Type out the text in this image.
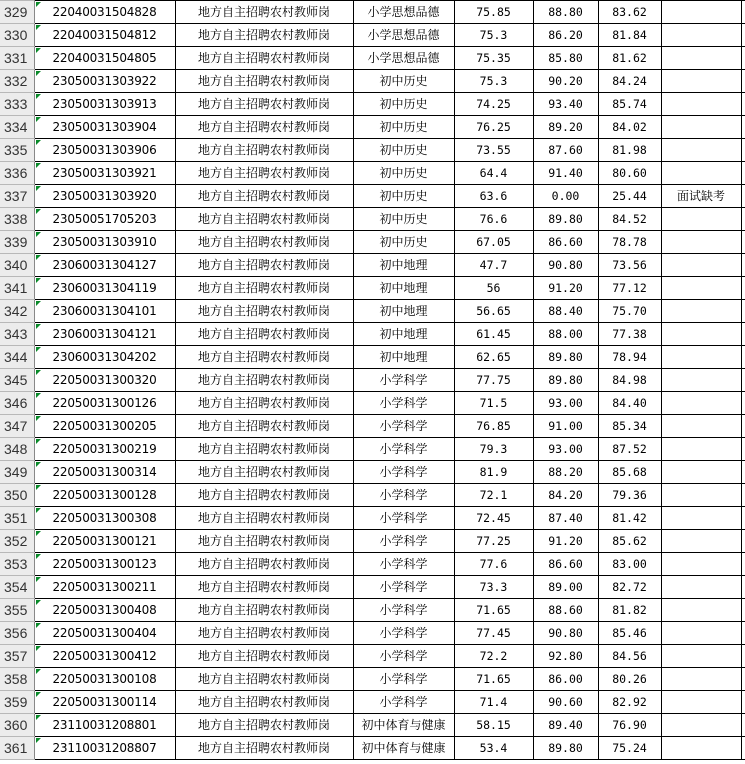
329	22040031504828	地方自主招聘农村教师岗	小学思想品德	75.85	88.80	83.62		
330	22040031504812	地方自主招聘农村教师岗	小学思想品德	75.3	86.20	81.84		
331	22040031504805	地方自主招聘农村教师岗	小学思想品德	75.35	85.80	81.62		
332	23050031303922	地方自主招聘农村教师岗	初中历史	75.3	90.20	84.24		
333	23050031303913	地方自主招聘农村教师岗	初中历史	74.25	93.40	85.74		
334	23050031303904	地方自主招聘农村教师岗	初中历史	76.25	89.20	84.02		
335	23050031303906	地方自主招聘农村教师岗	初中历史	73.55	87.60	81.98		
336	23050031303921	地方自主招聘农村教师岗	初中历史	64.4	91.40	80.60		
337	23050031303920	地方自主招聘农村教师岗	初中历史	63.6	0.00	25.44	面试缺考	
338	23050051705203	地方自主招聘农村教师岗	初中历史	76.6	89.80	84.52		
339	23050031303910	地方自主招聘农村教师岗	初中历史	67.05	86.60	78.78		
340	23060031304127	地方自主招聘农村教师岗	初中地理	47.7	90.80	73.56		
341	23060031304119	地方自主招聘农村教师岗	初中地理	56	91.20	77.12		
342	23060031304101	地方自主招聘农村教师岗	初中地理	56.65	88.40	75.70		
343	23060031304121	地方自主招聘农村教师岗	初中地理	61.45	88.00	77.38		
344	23060031304202	地方自主招聘农村教师岗	初中地理	62.65	89.80	78.94		
345	22050031300320	地方自主招聘农村教师岗	小学科学	77.75	89.80	84.98		
346	22050031300126	地方自主招聘农村教师岗	小学科学	71.5	93.00	84.40		
347	22050031300205	地方自主招聘农村教师岗	小学科学	76.85	91.00	85.34		
348	22050031300219	地方自主招聘农村教师岗	小学科学	79.3	93.00	87.52		
349	22050031300314	地方自主招聘农村教师岗	小学科学	81.9	88.20	85.68		
350	22050031300128	地方自主招聘农村教师岗	小学科学	72.1	84.20	79.36		
351	22050031300308	地方自主招聘农村教师岗	小学科学	72.45	87.40	81.42		
352	22050031300121	地方自主招聘农村教师岗	小学科学	77.25	91.20	85.62		
353	22050031300123	地方自主招聘农村教师岗	小学科学	77.6	86.60	83.00		
354	22050031300211	地方自主招聘农村教师岗	小学科学	73.3	89.00	82.72		
355	22050031300408	地方自主招聘农村教师岗	小学科学	71.65	88.60	81.82		
356	22050031300404	地方自主招聘农村教师岗	小学科学	77.45	90.80	85.46		
357	22050031300412	地方自主招聘农村教师岗	小学科学	72.2	92.80	84.56		
358	22050031300108	地方自主招聘农村教师岗	小学科学	71.65	86.00	80.26		
359	22050031300114	地方自主招聘农村教师岗	小学科学	71.4	90.60	82.92		
360	23110031208801	地方自主招聘农村教师岗	初中体育与健康	58.15	89.40	76.90		
361	23110031208807	地方自主招聘农村教师岗	初中体育与健康	53.4	89.80	75.24		
